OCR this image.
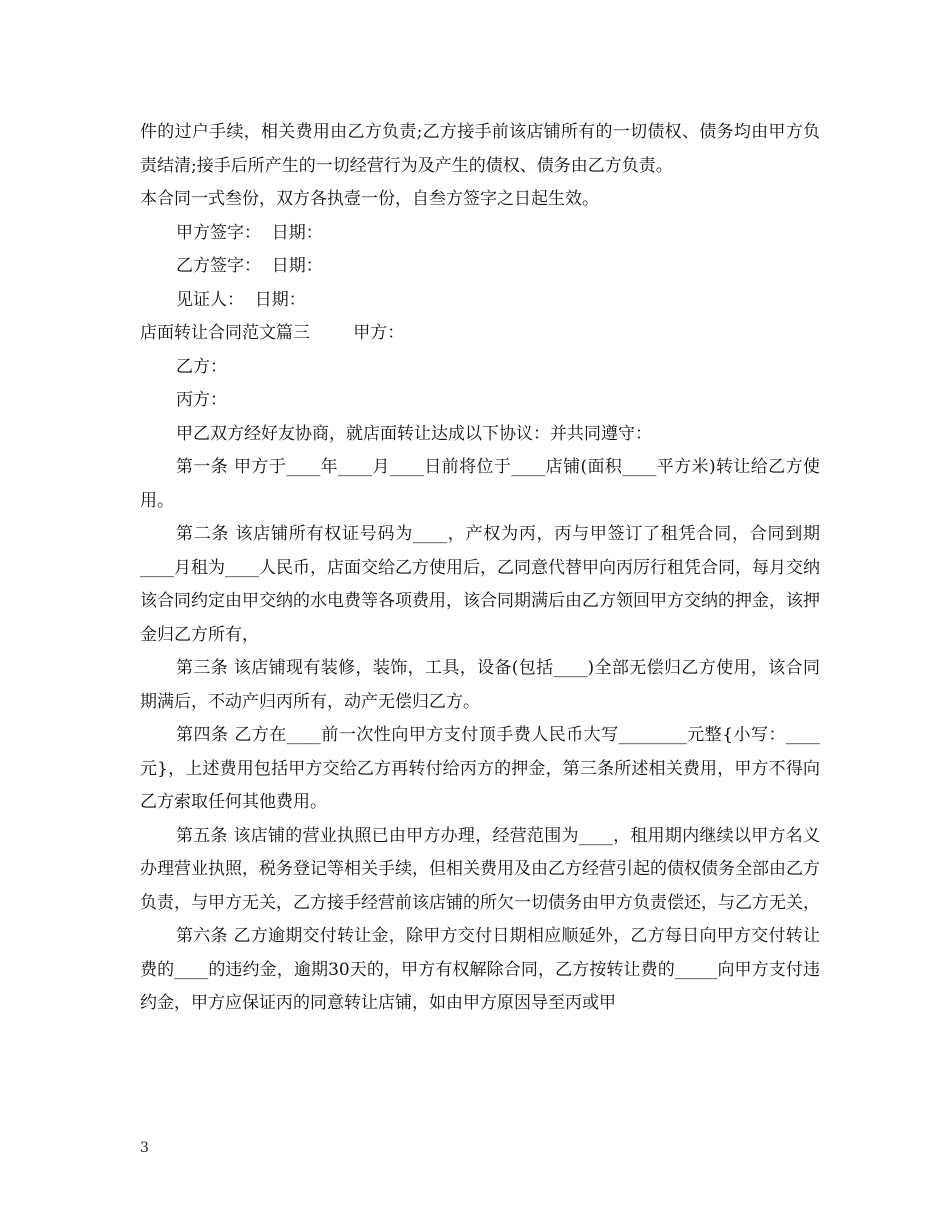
件的过户手续，相关费用由乙方负责;乙方接手前该店铺所有的一切债权、债务均由甲方负责结清;接手后所产生的一切经营行为及产生的债权、债务由乙方负责。

本合同一式叁份，双方各执壹一份，自叁方签字之日起生效。

甲方签字：  日期：

乙方签字：  日期：

见证人：  日期：

店面转让合同范文篇三        甲方：

乙方：

丙方：

甲乙双方经好友协商，就店面转让达成以下协议：并共同遵守：

第一条 甲方于____年____月____日前将位于____店铺(面积____平方米)转让给乙方使用。

第二条 该店铺所有权证号码为____，产权为丙，丙与甲签订了租凭合同，合同到期____月租为____人民币，店面交给乙方使用后，乙同意代替甲向丙厉行租凭合同，每月交纳该合同约定由甲交纳的水电费等各项费用，该合同期满后由乙方领回甲方交纳的押金，该押金归乙方所有，

第三条 该店铺现有装修，装饰，工具，设备(包括____)全部无偿归乙方使用，该合同期满后，不动产归丙所有，动产无偿归乙方。

第四条 乙方在____前一次性向甲方支付顶手费人民币大写________元整{小写：____元}，上述费用包括甲方交给乙方再转付给丙方的押金，第三条所述相关费用，甲方不得向乙方索取任何其他费用。

第五条 该店铺的营业执照已由甲方办理，经营范围为____，租用期内继续以甲方名义办理营业执照，税务登记等相关手续，但相关费用及由乙方经营引起的债权债务全部由乙方负责，与甲方无关，乙方接手经营前该店铺的所欠一切债务由甲方负责偿还，与乙方无关，

第六条 乙方逾期交付转让金，除甲方交付日期相应顺延外，乙方每日向甲方交付转让费的____的违约金，逾期30天的，甲方有权解除合同，乙方按转让费的_____向甲方支付违约金，甲方应保证丙的同意转让店铺，如由甲方原因导至丙或甲

3
